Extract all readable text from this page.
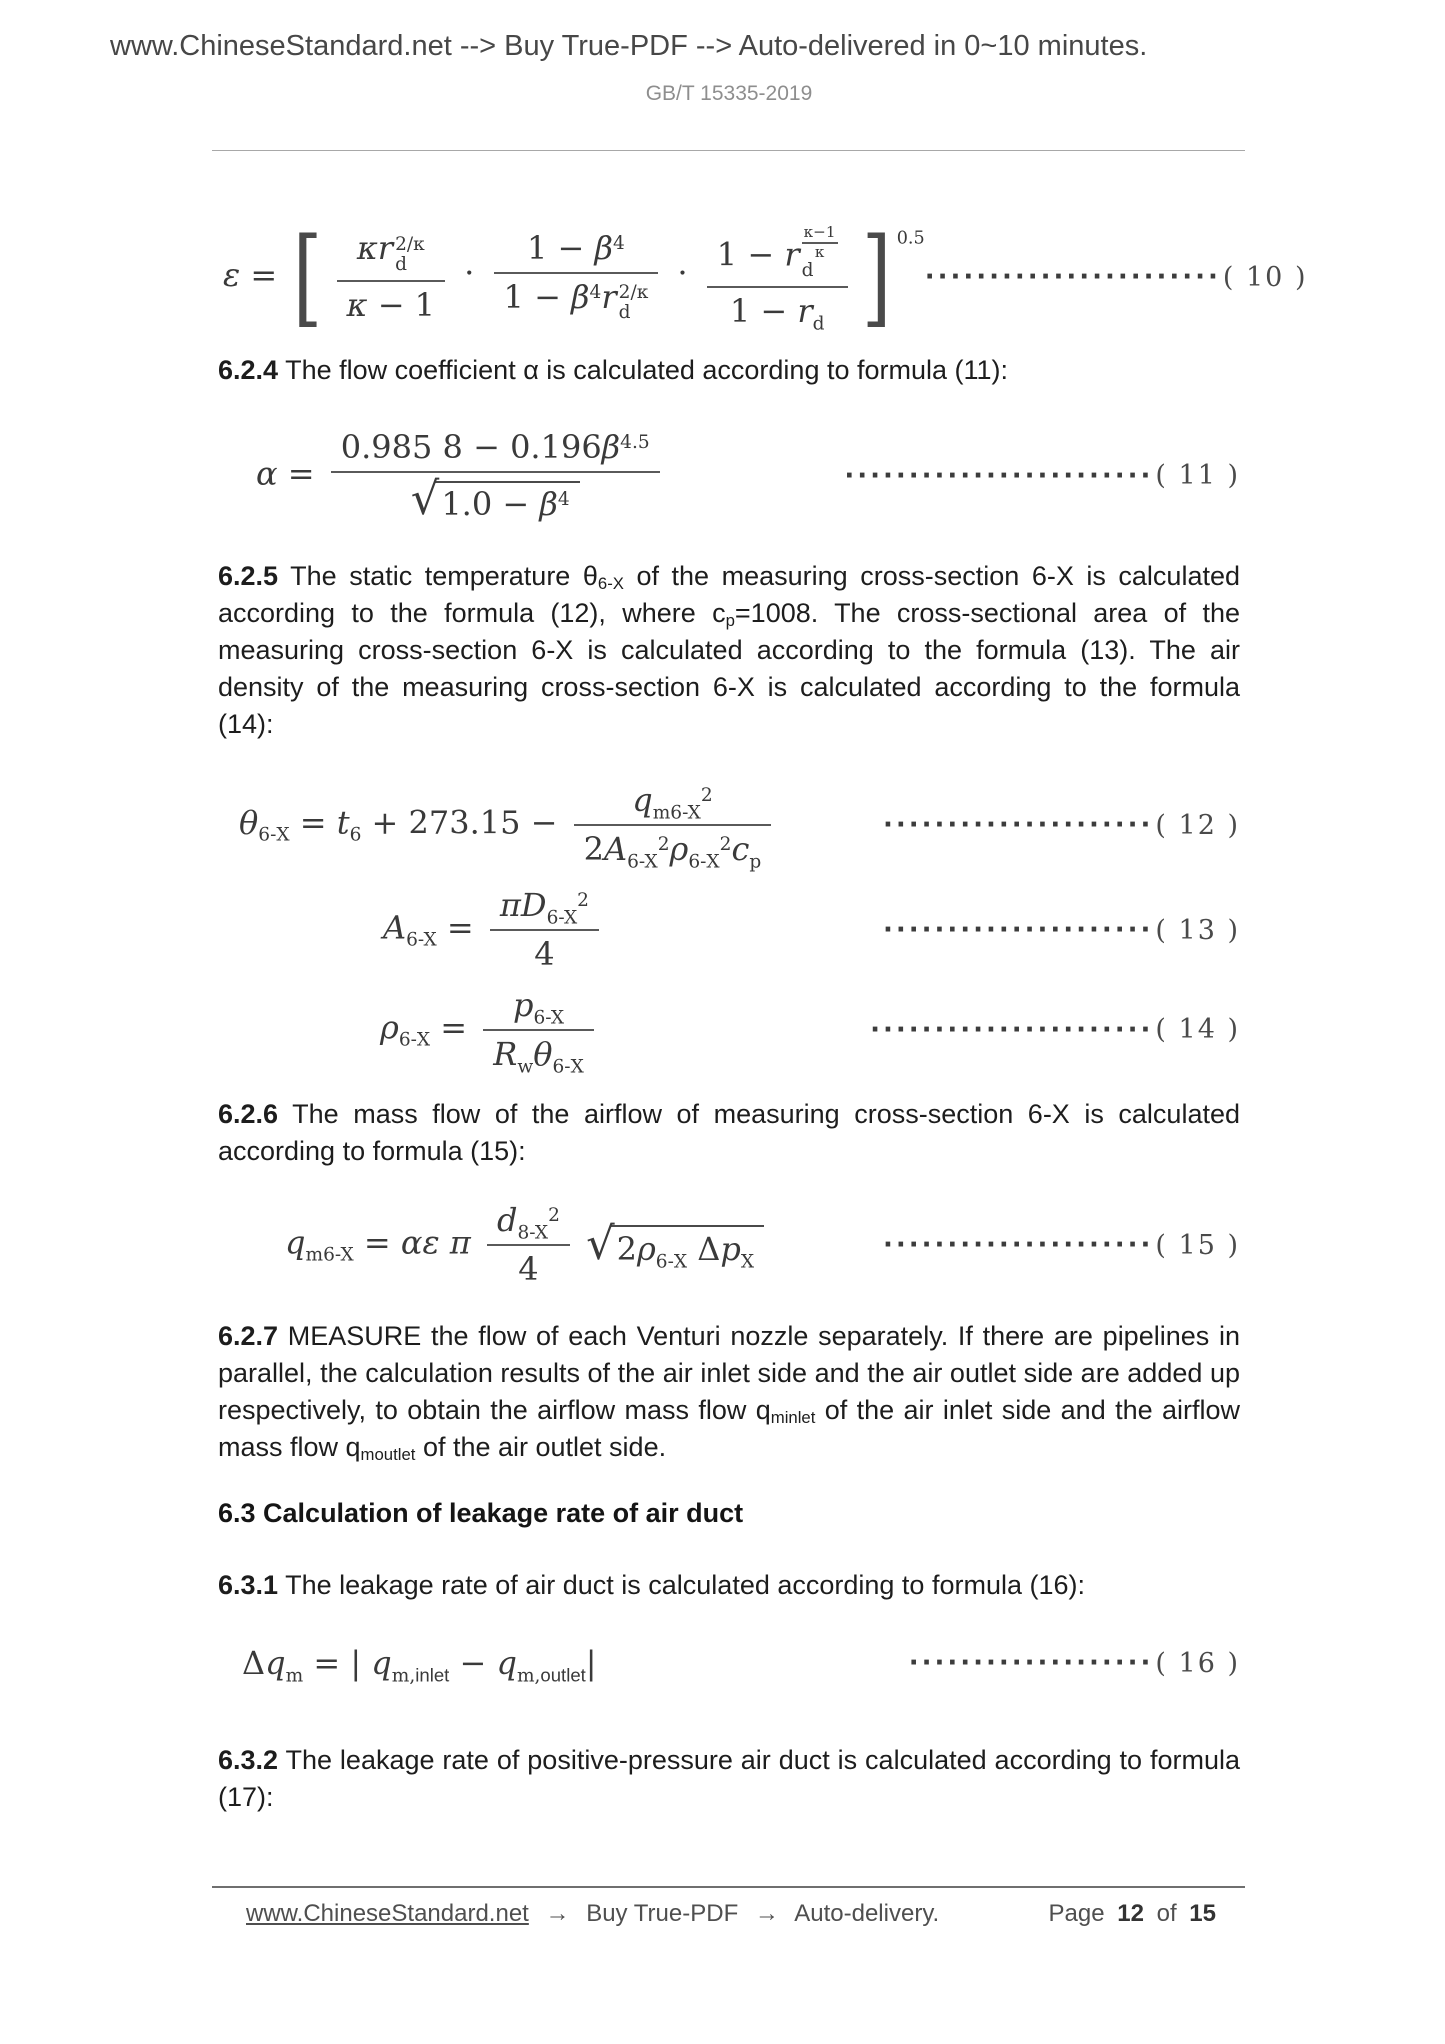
www.ChineseStandard.net --> Buy True-PDF --> Auto-delivered in 0~10 minutes.
GB/T 15335-2019
ε = [ κr 2/κ
d
κ − 1 • $1 - \beta^4$
$1 - \beta^4r$ 2/κ
d • 1 − r
κ−1
κ
d
$1 - r_d$ ] $^{0.5}$
······················· ( 10 )
6.2.4 The flow coefficient α is calculated according to formula (11):
$\alpha = \frac{0.985 8 - 0.196\beta^{4.5}}{√1.0 - \beta^4}$	························ ( 11 )
6.2.5 The static temperature $\theta_{6-X}$ of the measuring cross-section 6-X is calculated according to the formula (12), where $c_p=1008$. The cross-sectional area of the measuring cross-section 6-X is calculated according to the formula (13). The air density of the measuring cross-section 6-X is calculated according to the formula (14):
$\theta_{6-X} = t_6 + 273.15 - \frac{q_{m6-X}^2}{2A_{6-X}^2\rho_{6-X}^2c_p}$	····················· ( 12 )
$A_{6-X} = \frac{\pi D_{6-X}^2}{4}$	····················· ( 13 )
$\rho_{6-X} = \frac{p_{6-X}}{R_w\theta_{6-X}}$	······················ ( 14 )
6.2.6 The mass flow of the airflow of measuring cross-section 6-X is calculated according to formula (15):
$q_{m6-X} = \alpha\varepsilon$ π $\frac{d_{8-X}^2}{4} √2\rho_{6-X}$ $\Delta p_X$
····················· ( 15 )
6.2.7 MEASURE the flow of each Venturi nozzle separately. If there are pipelines in parallel, the calculation results of the air inlet side and the air outlet side are added up respectively, to obtain the airflow mass flow $q_{minlet}$ of the air inlet side and the airflow mass flow $q_{moutlet}$ of the air outlet side.
6.3 Calculation of leakage rate of air duct
6.3.1 The leakage rate of air duct is calculated according to formula (16):
$\Delta q_m$ = | $q_{m,inlet} - q_{m,outlet}|$	··················· ( 16 )
6.3.2 The leakage rate of positive-pressure air duct is calculated according to formula (17):
www.ChineseStandard.net → Buy True-PDF → Auto-delivery.	Page 12 of 15
